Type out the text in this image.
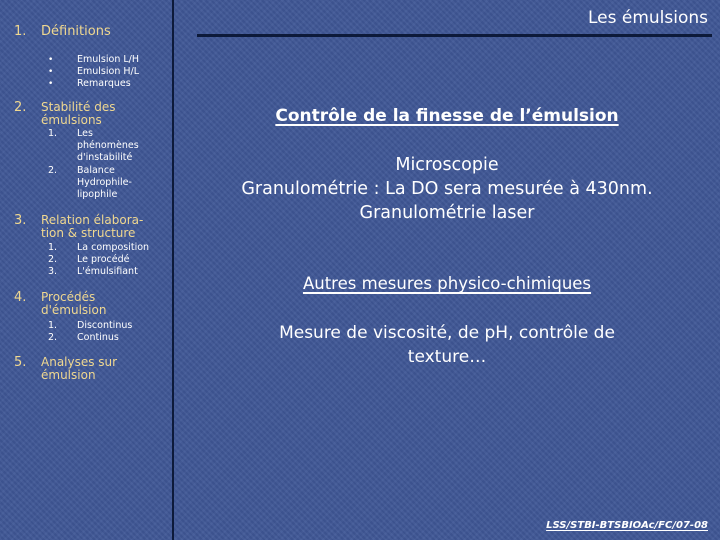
1. Définitions
• Emulsion L/H
• Emulsion H/L
• Remarques
2. Stabilité des
émulsions
1. Les
phénomènes
d'instabilité
2. Balance
Hydrophile-
lipophile
3. Relation élabora-
tion & structure
1. La composition
2. Le procédé
3. L'émulsifiant
4. Procédés
d'émulsion
1. Discontinus
2. Continus
5. Analyses sur
émulsion
Les émulsions
Contrôle de la finesse de l’émulsion
Microscopie
Granulométrie : La DO sera mesurée à 430nm.
Granulométrie laser
Autres mesures physico-chimiques
Mesure de viscosité, de pH, contrôle de
texture…
LSS/STBI-BTSBIOAc/FC/07-08
